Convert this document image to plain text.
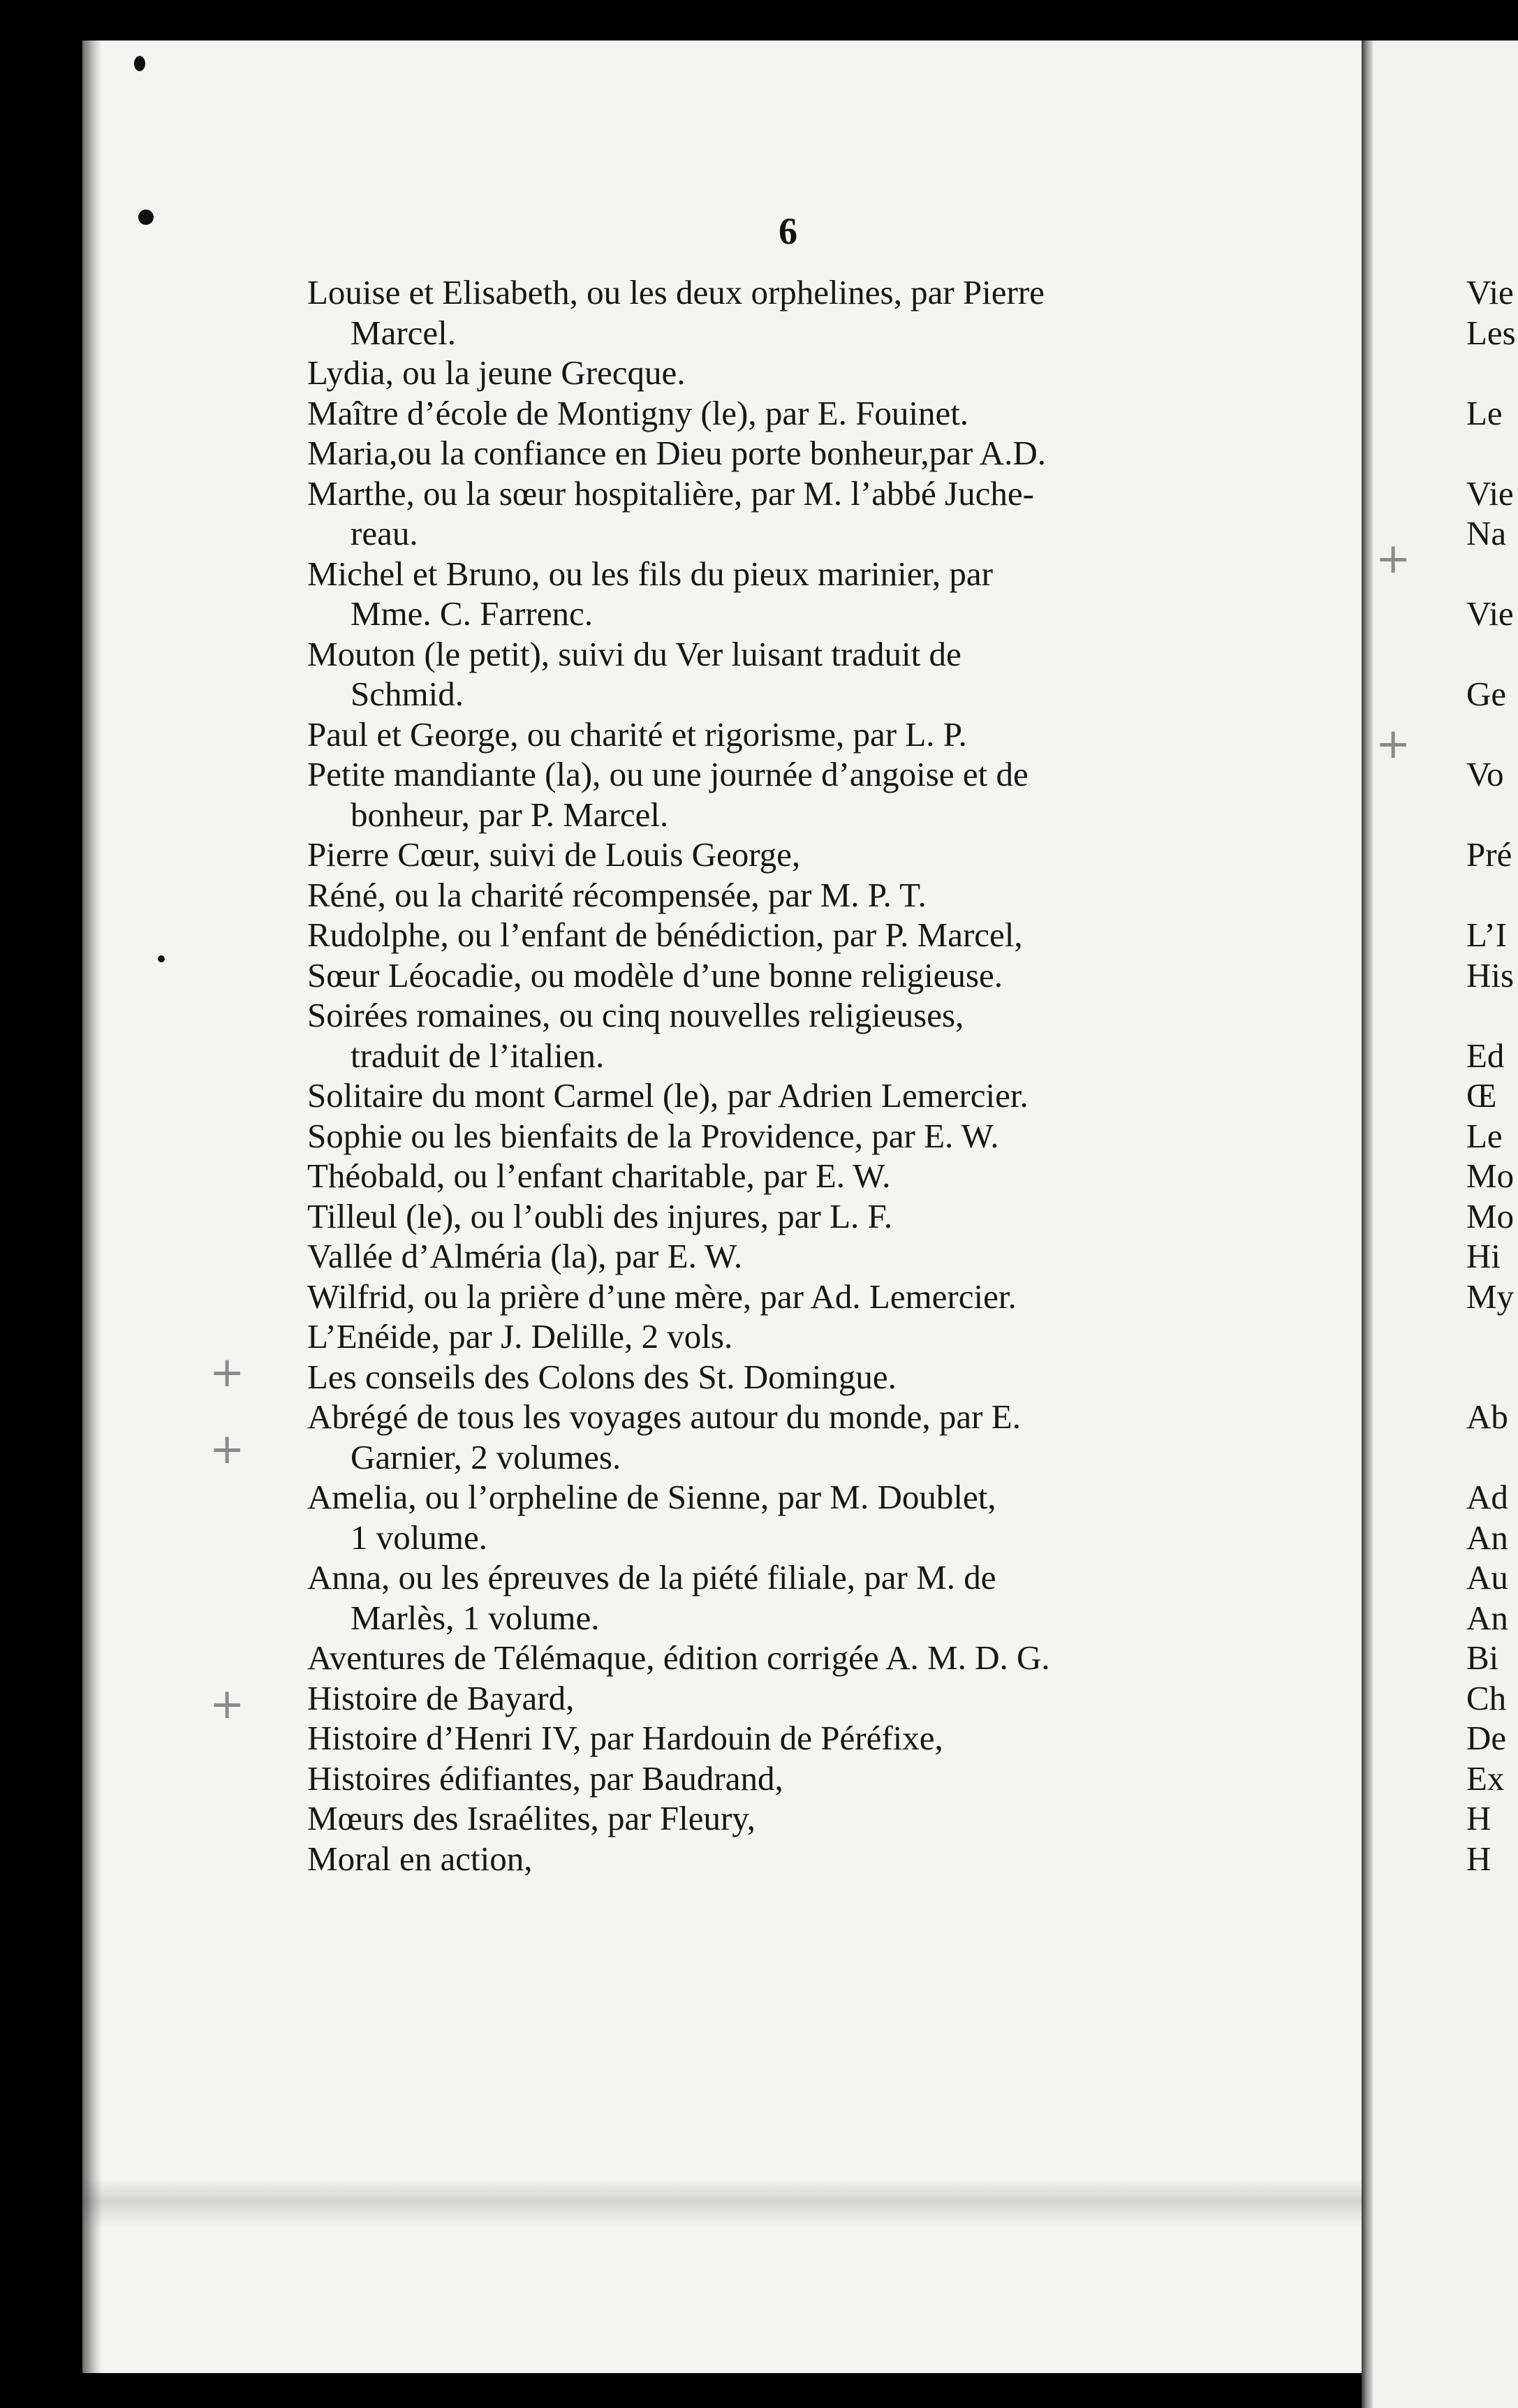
+
+
+
+
+
6
Louise et Elisabeth, ou les deux orphelines, par Pierre
Marcel.
Lydia, ou la jeune Grecque.
Maître d’école de Montigny (le), par E. Fouinet.
Maria,ou la confiance en Dieu porte bonheur,par A.D.
Marthe, ou la sœur hospitalière, par M. l’abbé Juche-
reau.
Michel et Bruno, ou les fils du pieux marinier, par
Mme. C. Farrenc.
Mouton (le petit), suivi du Ver luisant traduit de
Schmid.
Paul et George, ou charité et rigorisme, par L. P.
Petite mandiante (la), ou une journée d’angoise et de
bonheur, par P. Marcel.
Pierre Cœur, suivi de Louis George,
Réné, ou la charité récompensée, par M. P. T.
Rudolphe, ou l’enfant de bénédiction, par P. Marcel,
Sœur Léocadie, ou modèle d’une bonne religieuse.
Soirées romaines, ou cinq nouvelles religieuses,
traduit de l’italien.
Solitaire du mont Carmel (le), par Adrien Lemercier.
Sophie ou les bienfaits de la Providence, par E. W.
Théobald, ou l’enfant charitable, par E. W.
Tilleul (le), ou l’oubli des injures, par L. F.
Vallée d’Alméria (la), par E. W.
Wilfrid, ou la prière d’une mère, par Ad. Lemercier.
L’Enéide, par J. Delille, 2 vols.
Les conseils des Colons des St. Domingue.
Abrégé de tous les voyages autour du monde, par E.
Garnier, 2 volumes.
Amelia, ou l’orpheline de Sienne, par M. Doublet,
1 volume.
Anna, ou les épreuves de la piété filiale, par M. de
Marlès, 1 volume.
Aventures de Télémaque, édition corrigée A. M. D. G.
Histoire de Bayard,
Histoire d’Henri IV, par Hardouin de Péréfixe,
Histoires édifiantes, par Baudrand,
Mœurs des Israélites, par Fleury,
Moral en action,
Vie
Les
Le
Vie
Na
Vie
Ge
Vo
Pré
L’I
His
Ed
Œ
Le
Mo
Mo
Hi
My
Ab
Ad
An
Au
An
Bi
Ch
De
Ex
H
H
